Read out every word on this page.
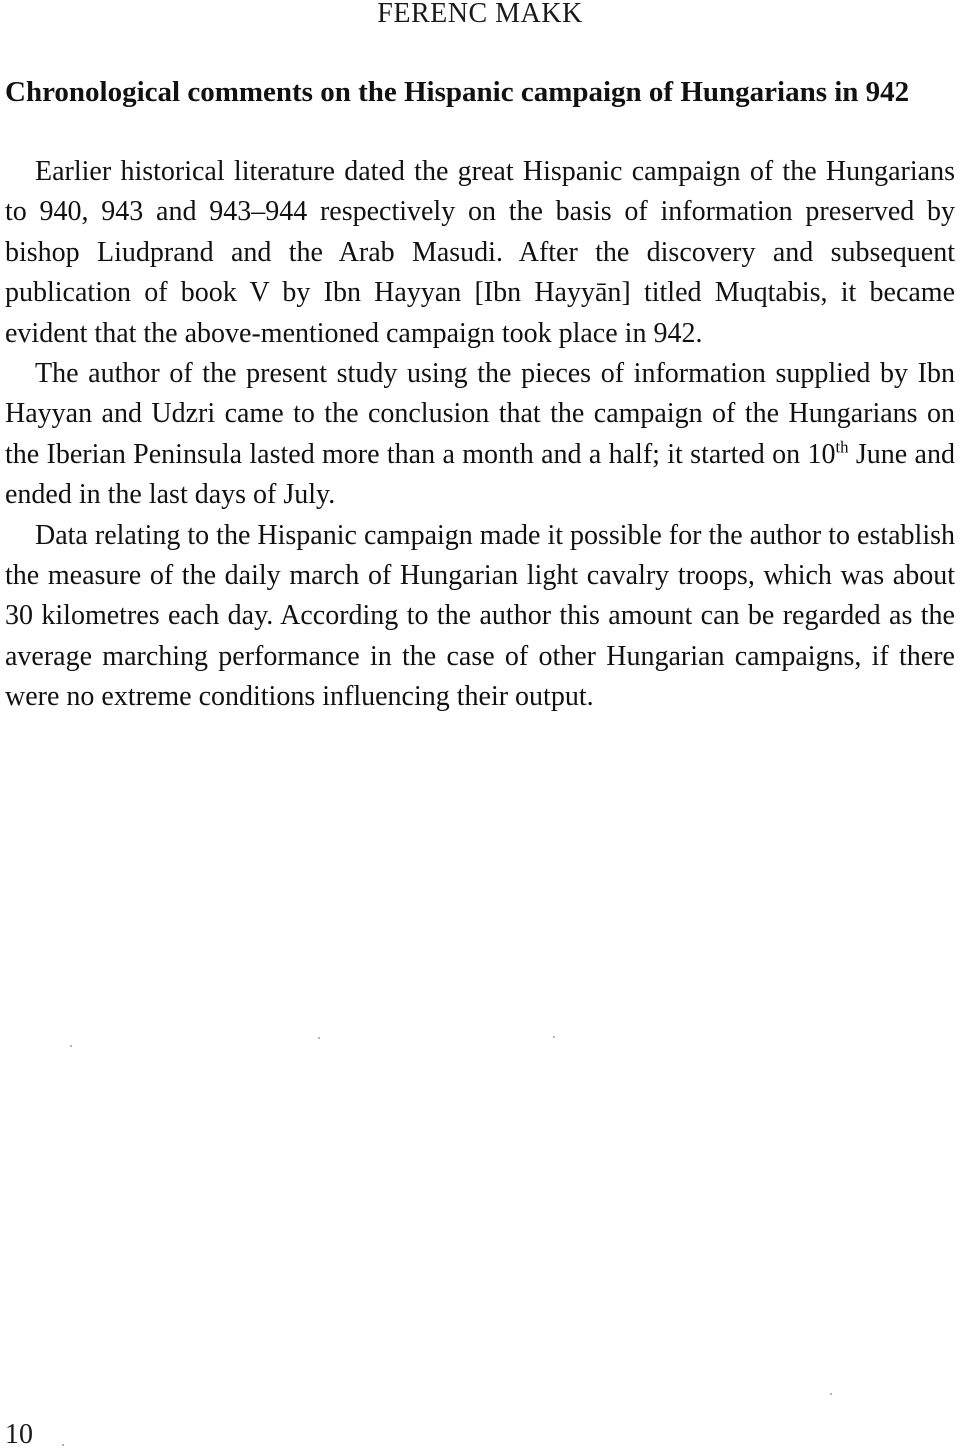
FERENC MAKK
Chronological comments on the Hispanic campaign of Hungarians in 942

Earlier historical literature dated the great Hispanic campaign of the Hungarians to 940, 943 and 943–944 respectively on the basis of information preserved by bishop Liudprand and the Arab Masudi. After the discovery and subsequent publication of book V by Ibn Hayyan [Ibn Hayyān] titled Muqtabis, it became evident that the above-mentioned campaign took place in 942.

The author of the present study using the pieces of information supplied by Ibn Hayyan and Udzri came to the conclusion that the campaign of the Hungarians on the Iberian Peninsula lasted more than a month and a half; it started on 10th June and ended in the last days of July.

Data relating to the Hispanic campaign made it possible for the author to establish the measure of the daily march of Hungarian light cavalry troops, which was about 30 kilometres each day. According to the author this amount can be regarded as the average marching performance in the case of other Hungarian campaigns, if there were no extreme conditions influencing their output.

10
